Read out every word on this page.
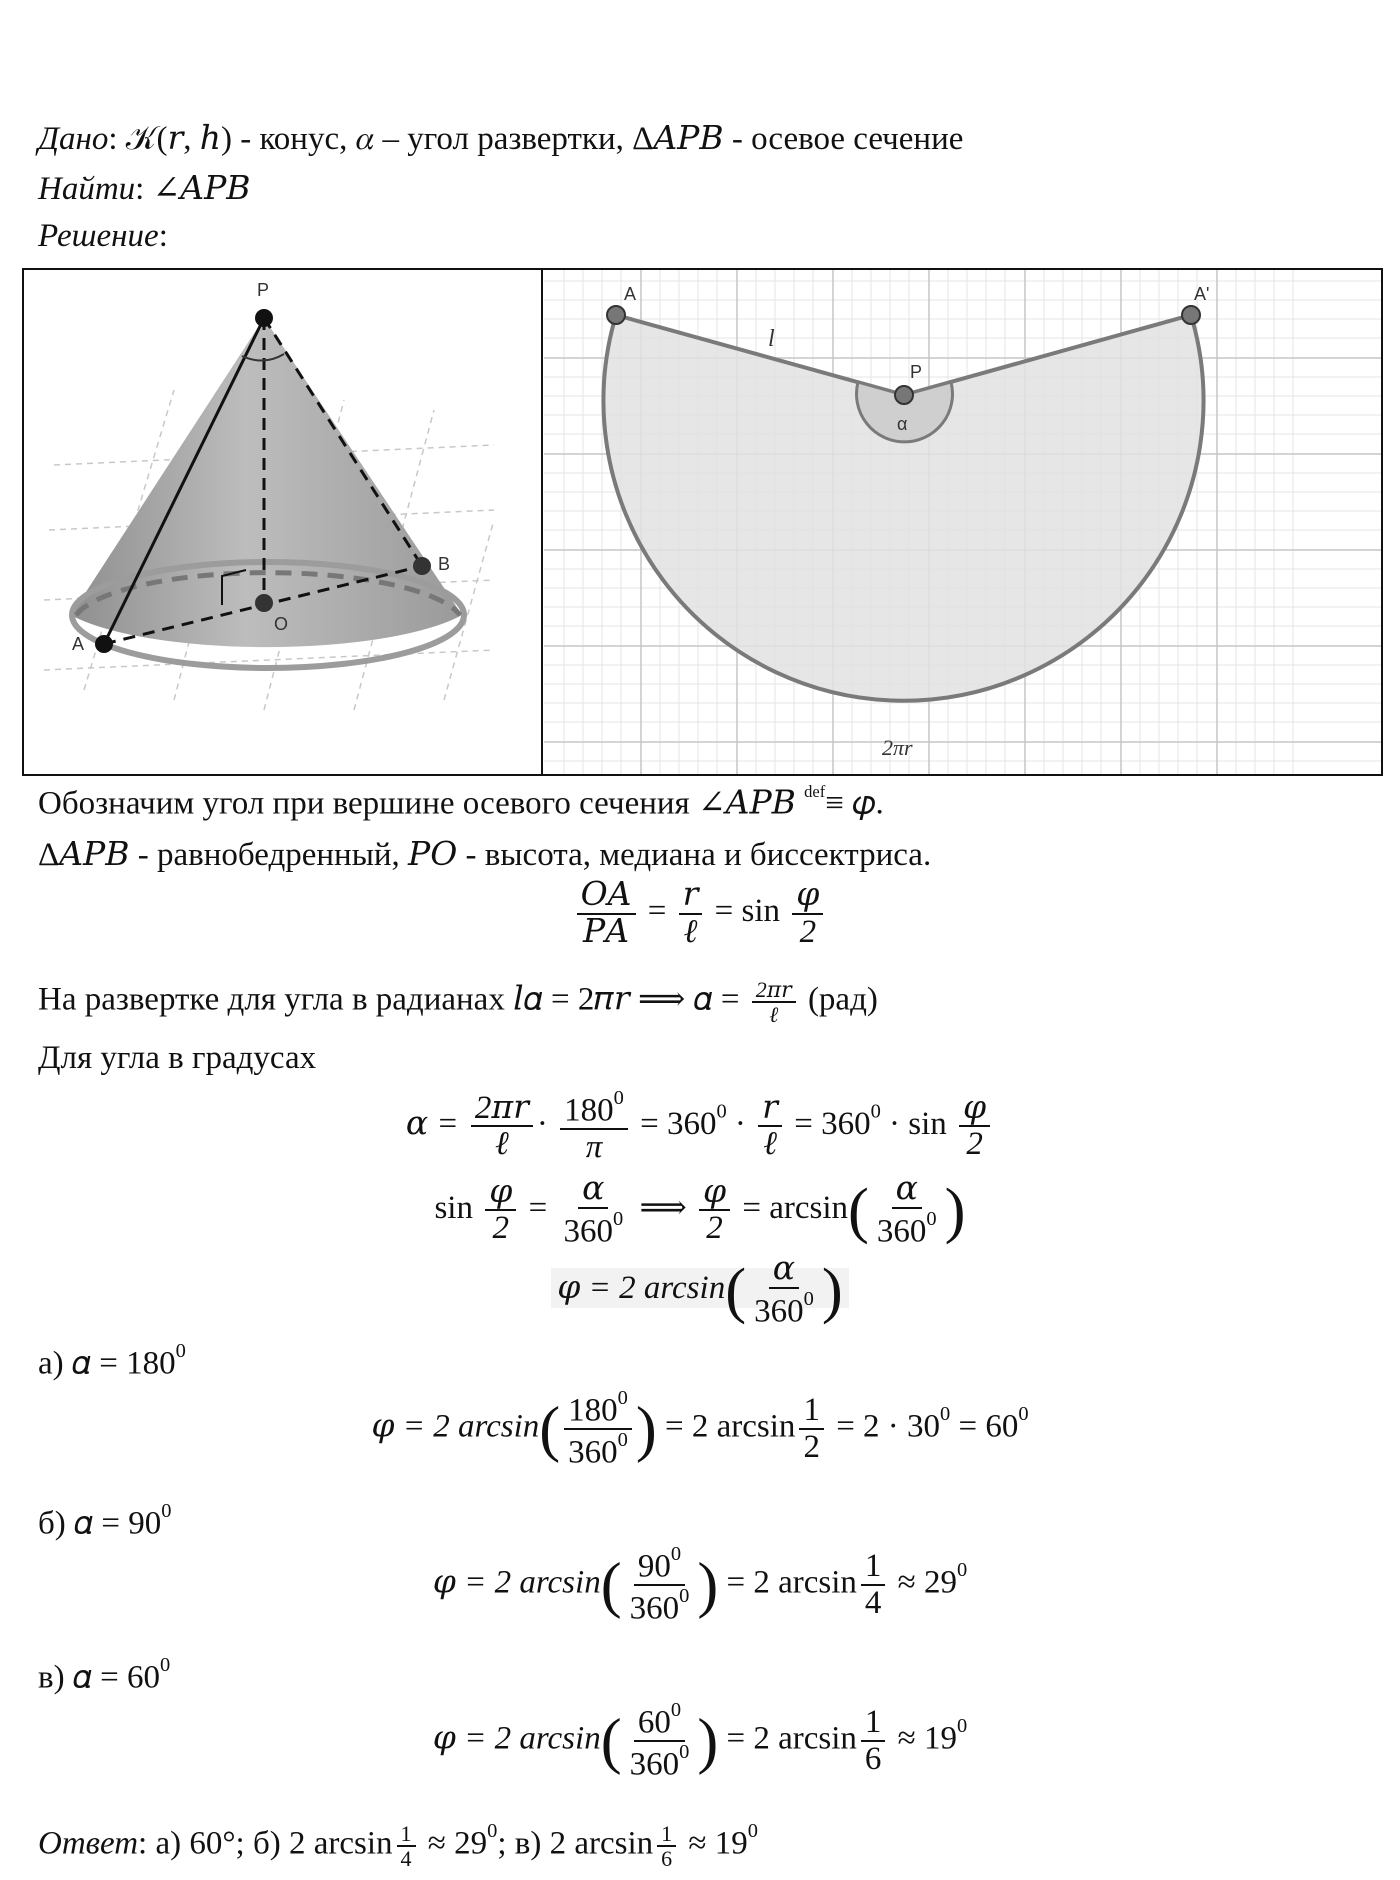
Дано: 𝒦(𝑟, ℎ) - конус, 𝛼 – угол развертки, Δ𝐴𝑃𝐵 - осевое сечение
Найти: ∠𝐴𝑃𝐵
Решение:
P
A
B
O
A	A'
P
α
l
2πr
Обозначим угол при вершине осевого сечения ∠𝐴𝑃𝐵 $^{def}$≡ 𝜑.
Δ𝐴𝑃𝐵 - равнобедренный, 𝑃𝑂 - высота, медиана и биссектриса.
$\frac{\text{𝑂𝐴}}{\text{𝑃𝐴}} = \frac{\text{𝑟}}{\text{ℓ}} = \sin \frac{\text{𝜑}}{2}$
На развертке для угла в радианах 𝑙𝛼 = 2𝜋𝑟 ⟹ 𝛼 = $\frac{\text{2𝜋𝑟}}{\text{ℓ}} (рад)$
Для угла в градусах
𝛼 = $\frac{\text{2𝜋𝑟}}{\text{ℓ}} \cdot \frac{180^0}{\pi} = 360^0 \cdot \frac{\text{𝑟}}{\text{ℓ}} = 360^0 \cdot \sin \frac{\text{𝜑}}{2}$
$\sin \frac{\text{𝜑}}{2} = \frac{\text{𝛼}}{360^0}$ ⟹ $\frac{\text{𝜑}}{2} = \arcsin( \frac{\text{𝛼}}{360^0}$ )
𝜑 = 2 $\arcsin( \frac{\text{𝛼}}{360^0}$ )
а) 𝛼 = $180^0$
𝜑 = 2 $\arcsin( \frac{180^0}{360^0}$ ) = 2 $\arcsin \frac{1}{2} = 2 \cdot 30^0 = 60^0$
б) 𝛼 = $90^0$
𝜑 = 2 $\arcsin( \frac{90^0}{360^0}$ ) = 2 $\arcsin \frac{1}{4} \approx 29^0$
в) 𝛼 = $60^0$
𝜑 = 2 $\arcsin( \frac{60^0}{360^0}$ ) = 2 $\arcsin \frac{1}{6} \approx 19^0$
Ответ: а) 60°; б) 2 $\arcsin \frac{1}{4} \approx 29^0$; в) 2 $\arcsin \frac{1}{6} \approx 19^0$
